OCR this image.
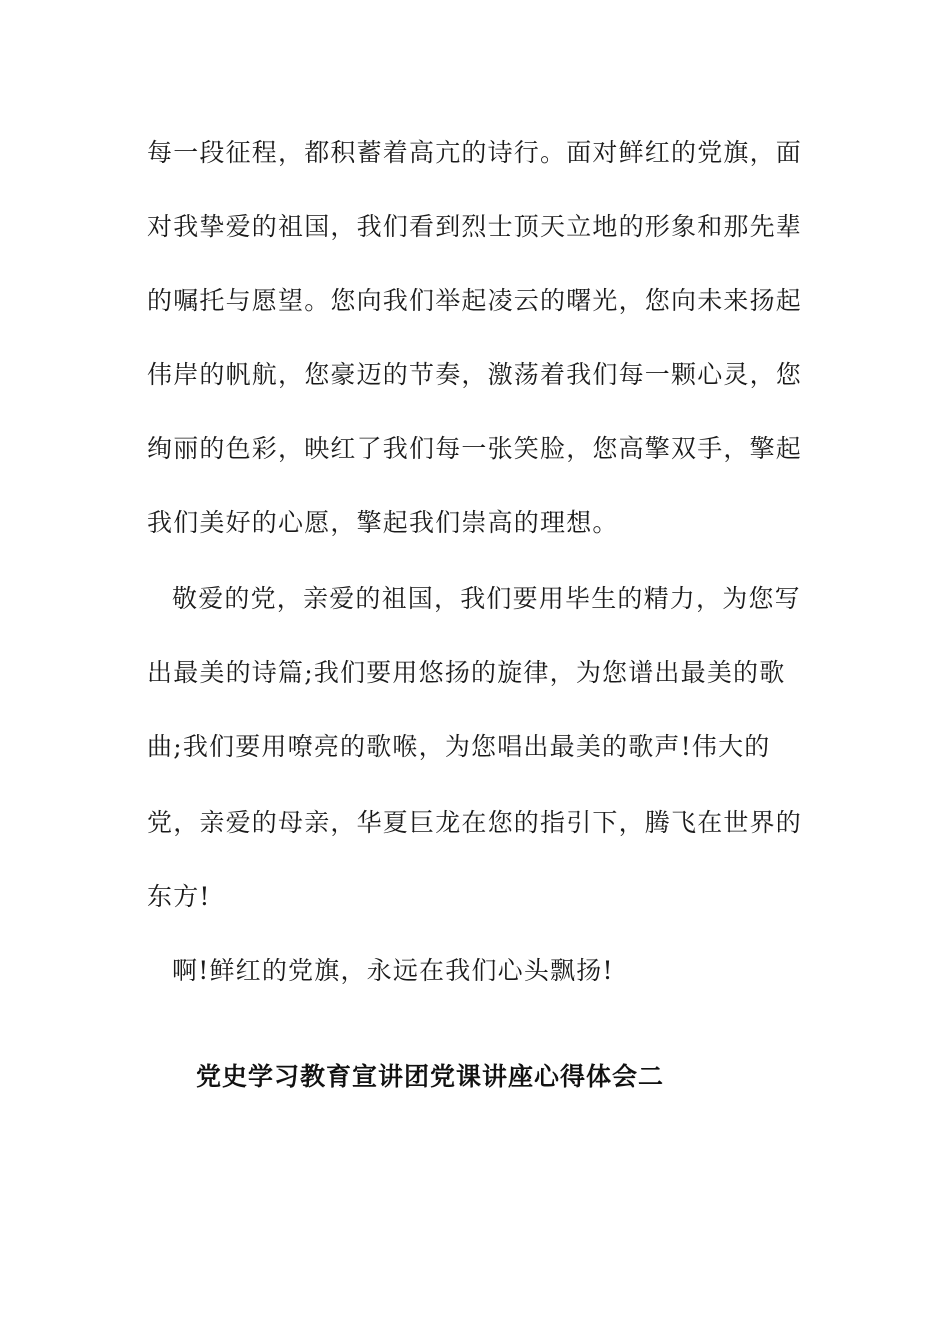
每一段征程，都积蓄着高亢的诗行。面对鲜红的党旗，面
对我挚爱的祖国，我们看到烈士顶天立地的形象和那先辈
的嘱托与愿望。您向我们举起凌云的曙光，您向未来扬起
伟岸的帆航，您豪迈的节奏，激荡着我们每一颗心灵，您
绚丽的色彩，映红了我们每一张笑脸，您高擎双手，擎起
我们美好的心愿，擎起我们崇高的理想。
敬爱的党，亲爱的祖国，我们要用毕生的精力，为您写
出最美的诗篇;我们要用悠扬的旋律，为您谱出最美的歌
曲;我们要用嘹亮的歌喉，为您唱出最美的歌声!伟大的
党，亲爱的母亲，华夏巨龙在您的指引下，腾飞在世界的
东方!
啊!鲜红的党旗，永远在我们心头飘扬!
党史学习教育宣讲团党课讲座心得体会二
